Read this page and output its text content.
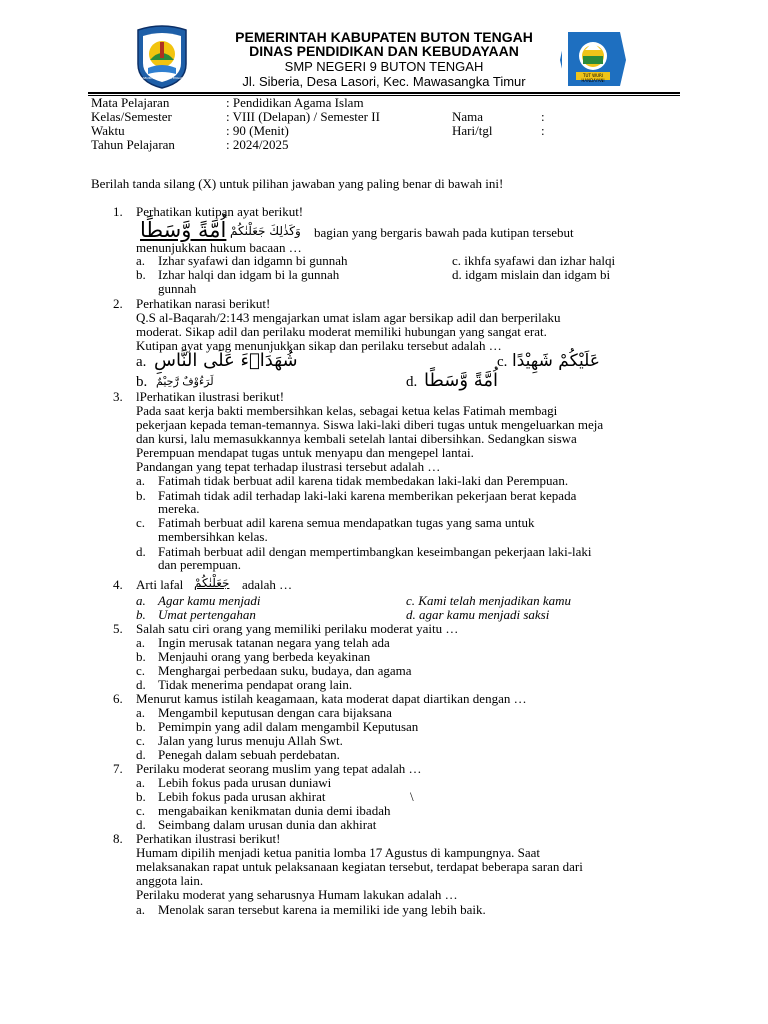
KABUPATEN BUTON TENGAH	TUT WURI HANDAYANI
PEMERINTAH KABUPATEN BUTON TENGAH
DINAS PENDIDIKAN DAN KEBUDAYAAN
SMP NEGERI 9 BUTON TENGAH
Jl. Siberia, Desa Lasori, Kec. Mawasangka Timur
Mata Pelajaran	: Pendidikan Agama Islam
Kelas/Semester	: VIII (Delapan) / Semester II
Waktu	: 90 (Menit)
Tahun Pelajaran	: 2024/2025
Nama	:
Hari/tgl	:
Berilah tanda silang (X) untuk pilihan jawaban yang paling benar di bawah ini!
1. Perhatikan kutipan ayat berikut!
اُمَّةً وَّسَطًا وَكَذٰلِكَ جَعَلْنٰكُمْ bagian yang bergaris bawah pada kutipan tersebut
menunjukkan hukum bacaan …
a. Izhar syafawi dan idgamn bi gunnah	c. ikhfa syafawi dan izhar halqi
b. Izhar halqi dan idgam bi la gunnah	d. idgam mislain dan idgam bi
gunnah
2. Perhatikan narasi berikut!
Q.S al-Baqarah/2:143 mengajarkan umat islam agar bersikap adil dan berperilaku
moderat. Sikap adil dan perilaku moderat memiliki hubungan yang sangat erat.
Kutipan ayat yang menunjukkan sikap dan perilaku tersebut adalah …
a. شُهَدَاۤءَ عَلَى النَّاسِ	c. عَلَيْكُمْ شَهِيْدًا
b. لَرَءُوْفٌ رَّحِيْمٌ	d. اُمَّةً وَّسَطًا
3. lPerhatikan ilustrasi berikut!
Pada saat kerja bakti membersihkan kelas, sebagai ketua kelas Fatimah membagi
pekerjaan kepada teman-temannya. Siswa laki-laki diberi tugas untuk mengeluarkan meja
dan kursi, lalu memasukkannya kembali setelah lantai dibersihkan. Sedangkan siswa
Perempuan mendapat tugas untuk menyapu dan mengepel lantai.
Pandangan yang tepat terhadap ilustrasi tersebut adalah …
a. Fatimah tidak berbuat adil karena tidak membedakan laki-laki dan Perempuan.
b. Fatimah tidak adil terhadap laki-laki karena memberikan pekerjaan berat kepada
mereka.
c. Fatimah berbuat adil karena semua mendapatkan tugas yang sama untuk
membersihkan kelas.
d. Fatimah berbuat adil dengan mempertimbangkan keseimbangan pekerjaan laki-laki
dan perempuan.
4. Arti lafal جَعَلْنٰكُمْ adalah …
a. Agar kamu menjadi	c. Kami telah menjadikan kamu
b. Umat pertengahan	d. agar kamu menjadi saksi
5. Salah satu ciri orang yang memiliki perilaku moderat yaitu …
a. Ingin merusak tatanan negara yang telah ada
b. Menjauhi orang yang berbeda keyakinan
c. Menghargai perbedaan suku, budaya, dan agama
d. Tidak menerima pendapat orang lain.
6. Menurut kamus istilah keagamaan, kata moderat dapat diartikan dengan …
a. Mengambil keputusan dengan cara bijaksana
b. Pemimpin yang adil dalam mengambil Keputusan
c. Jalan yang lurus menuju Allah Swt.
d. Penegah dalam sebuah perdebatan.
7. Perilaku moderat seorang muslim yang tepat adalah …
a. Lebih fokus pada urusan duniawi
b. Lebih fokus pada urusan akhirat	\
c. mengabaikan kenikmatan dunia demi ibadah
d. Seimbang dalam urusan dunia dan akhirat
8. Perhatikan ilustrasi berikut!
Humam dipilih menjadi ketua panitia lomba 17 Agustus di kampungnya. Saat
melaksanakan rapat untuk pelaksanaan kegiatan tersebut, terdapat beberapa saran dari
anggota lain.
Perilaku moderat yang seharusnya Humam lakukan adalah …
a. Menolak saran tersebut karena ia memiliki ide yang lebih baik.
